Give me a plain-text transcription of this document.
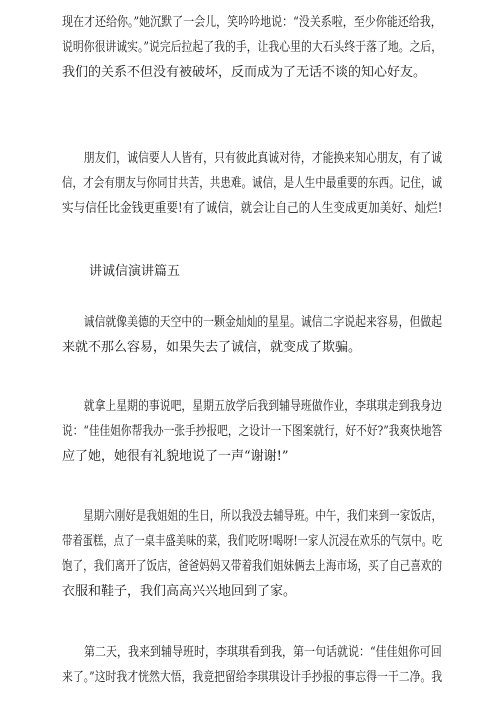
现在才还给你。”她沉默了一会儿，笑吟吟地说：“没关系啦，至少你能还给我， 说明你很讲诚实。”说完后拉起了我的手，让我心里的大石头终于落了地。之后，
我们的关系不但没有被破坏，反而成为了无话不谈的知心好友。

　　朋友们，诚信要人人皆有，只有彼此真诚对待，才能换来知心朋友，有了诚 信，才会有朋友与你同甘共苦，共患难。诚信，是人生中最重要的东西。记住，诚 实与信任比金钱更重要!有了诚信，就会让自己的人生变成更加美好、灿烂!

讲诚信演讲篇五

　　诚信就像美德的天空中的一颗金灿灿的星星。诚信二字说起来容易，但做起
来就不那么容易，如果失去了诚信，就变成了欺骗。

　　就拿上星期的事说吧，星期五放学后我到辅导班做作业，李琪琪走到我身边 说：“佳佳姐你帮我办一张手抄报吧，之设计一下图案就行，好不好?”我爽快地答
应了她，她很有礼貌地说了一声“谢谢!”

　　星期六刚好是我姐姐的生日，所以我没去辅导班。中午，我们来到一家饭店， 带着蛋糕，点了一桌丰盛美味的菜，我们吃呀!喝呀!一家人沉浸在欢乐的气氛中。吃 饱了，我们离开了饭店，爸爸妈妈又带着我们姐妹俩去上海市场，买了自己喜欢的
衣服和鞋子，我们高高兴兴地回到了家。

　　第二天，我来到辅导班时，李琪琪看到我，第一句话就说：“佳佳姐你可回 来了。”这时我才恍然大悟，我竟把留给李琪琪设计手抄报的事忘得一干二净。我
